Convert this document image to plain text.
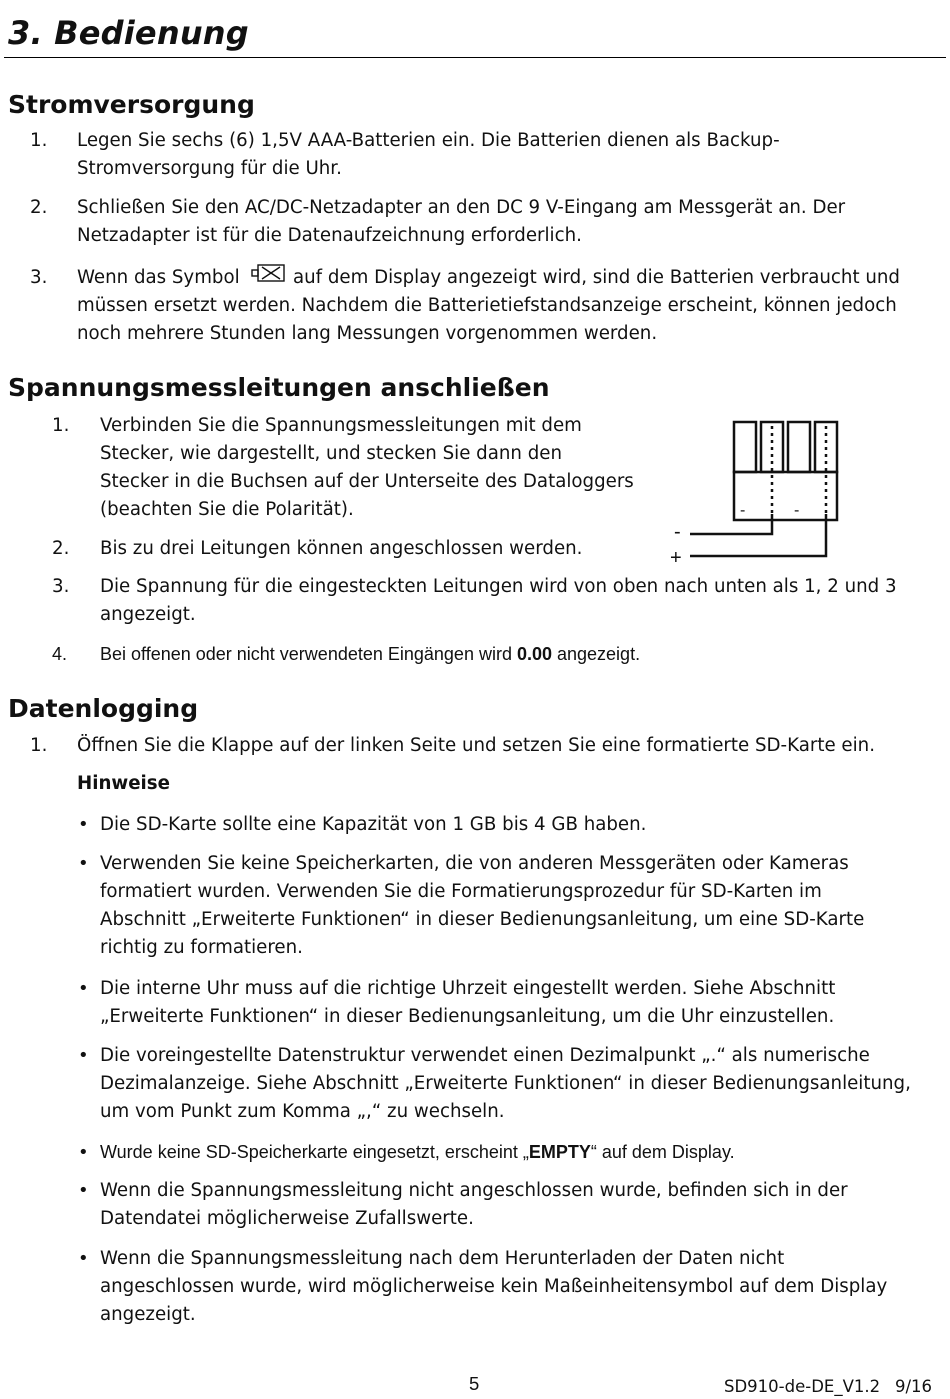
3. Bedienung
Stromversorgung
1. Legen Sie sechs (6) 1,5V AAA-Batterien ein. Die Batterien dienen als Backup-
Stromversorgung für die Uhr.
2. Schließen Sie den AC/DC-Netzadapter an den DC 9 V-Eingang am Messgerät an. Der
Netzadapter ist für die Datenaufzeichnung erforderlich.
3. Wenn das Symbol	auf dem Display angezeigt wird, sind die Batterien verbraucht und
müssen ersetzt werden. Nachdem die Batterietiefstandsanzeige erscheint, können jedoch
noch mehrere Stunden lang Messungen vorgenommen werden.
Spannungsmessleitungen anschließen
1. Verbinden Sie die Spannungsmessleitungen mit dem
Stecker, wie dargestellt, und stecken Sie dann den
Stecker in die Buchsen auf der Unterseite des Dataloggers
(beachten Sie die Polarität).
2. Bis zu drei Leitungen können angeschlossen werden.
3. Die Spannung für die eingesteckten Leitungen wird von oben nach unten als 1, 2 und 3
angezeigt.
4. Bei offenen oder nicht verwendeten Eingängen wird 0.00 angezeigt.
-	-
-
+
Datenlogging
1. Öffnen Sie die Klappe auf der linken Seite und setzen Sie eine formatierte SD-Karte ein.
Hinweise
• Die SD-Karte sollte eine Kapazität von 1 GB bis 4 GB haben.
• Verwenden Sie keine Speicherkarten, die von anderen Messgeräten oder Kameras
formatiert wurden. Verwenden Sie die Formatierungsprozedur für SD-Karten im
Abschnitt „Erweiterte Funktionen“ in dieser Bedienungsanleitung, um eine SD-Karte
richtig zu formatieren.
• Die interne Uhr muss auf die richtige Uhrzeit eingestellt werden. Siehe Abschnitt
„Erweiterte Funktionen“ in dieser Bedienungsanleitung, um die Uhr einzustellen.
• Die voreingestellte Datenstruktur verwendet einen Dezimalpunkt „.“ als numerische
Dezimalanzeige. Siehe Abschnitt „Erweiterte Funktionen“ in dieser Bedienungsanleitung,
um vom Punkt zum Komma „,“ zu wechseln.
• Wurde keine SD-Speicherkarte eingesetzt, erscheint „EMPTY“ auf dem Display.
• Wenn die Spannungsmessleitung nicht angeschlossen wurde, befinden sich in der
Datendatei möglicherweise Zufallswerte.
• Wenn die Spannungsmessleitung nach dem Herunterladen der Daten nicht
angeschlossen wurde, wird möglicherweise kein Maßeinheitensymbol auf dem Display
angezeigt.
5	SD910-de-DE_V1.2 9/16
